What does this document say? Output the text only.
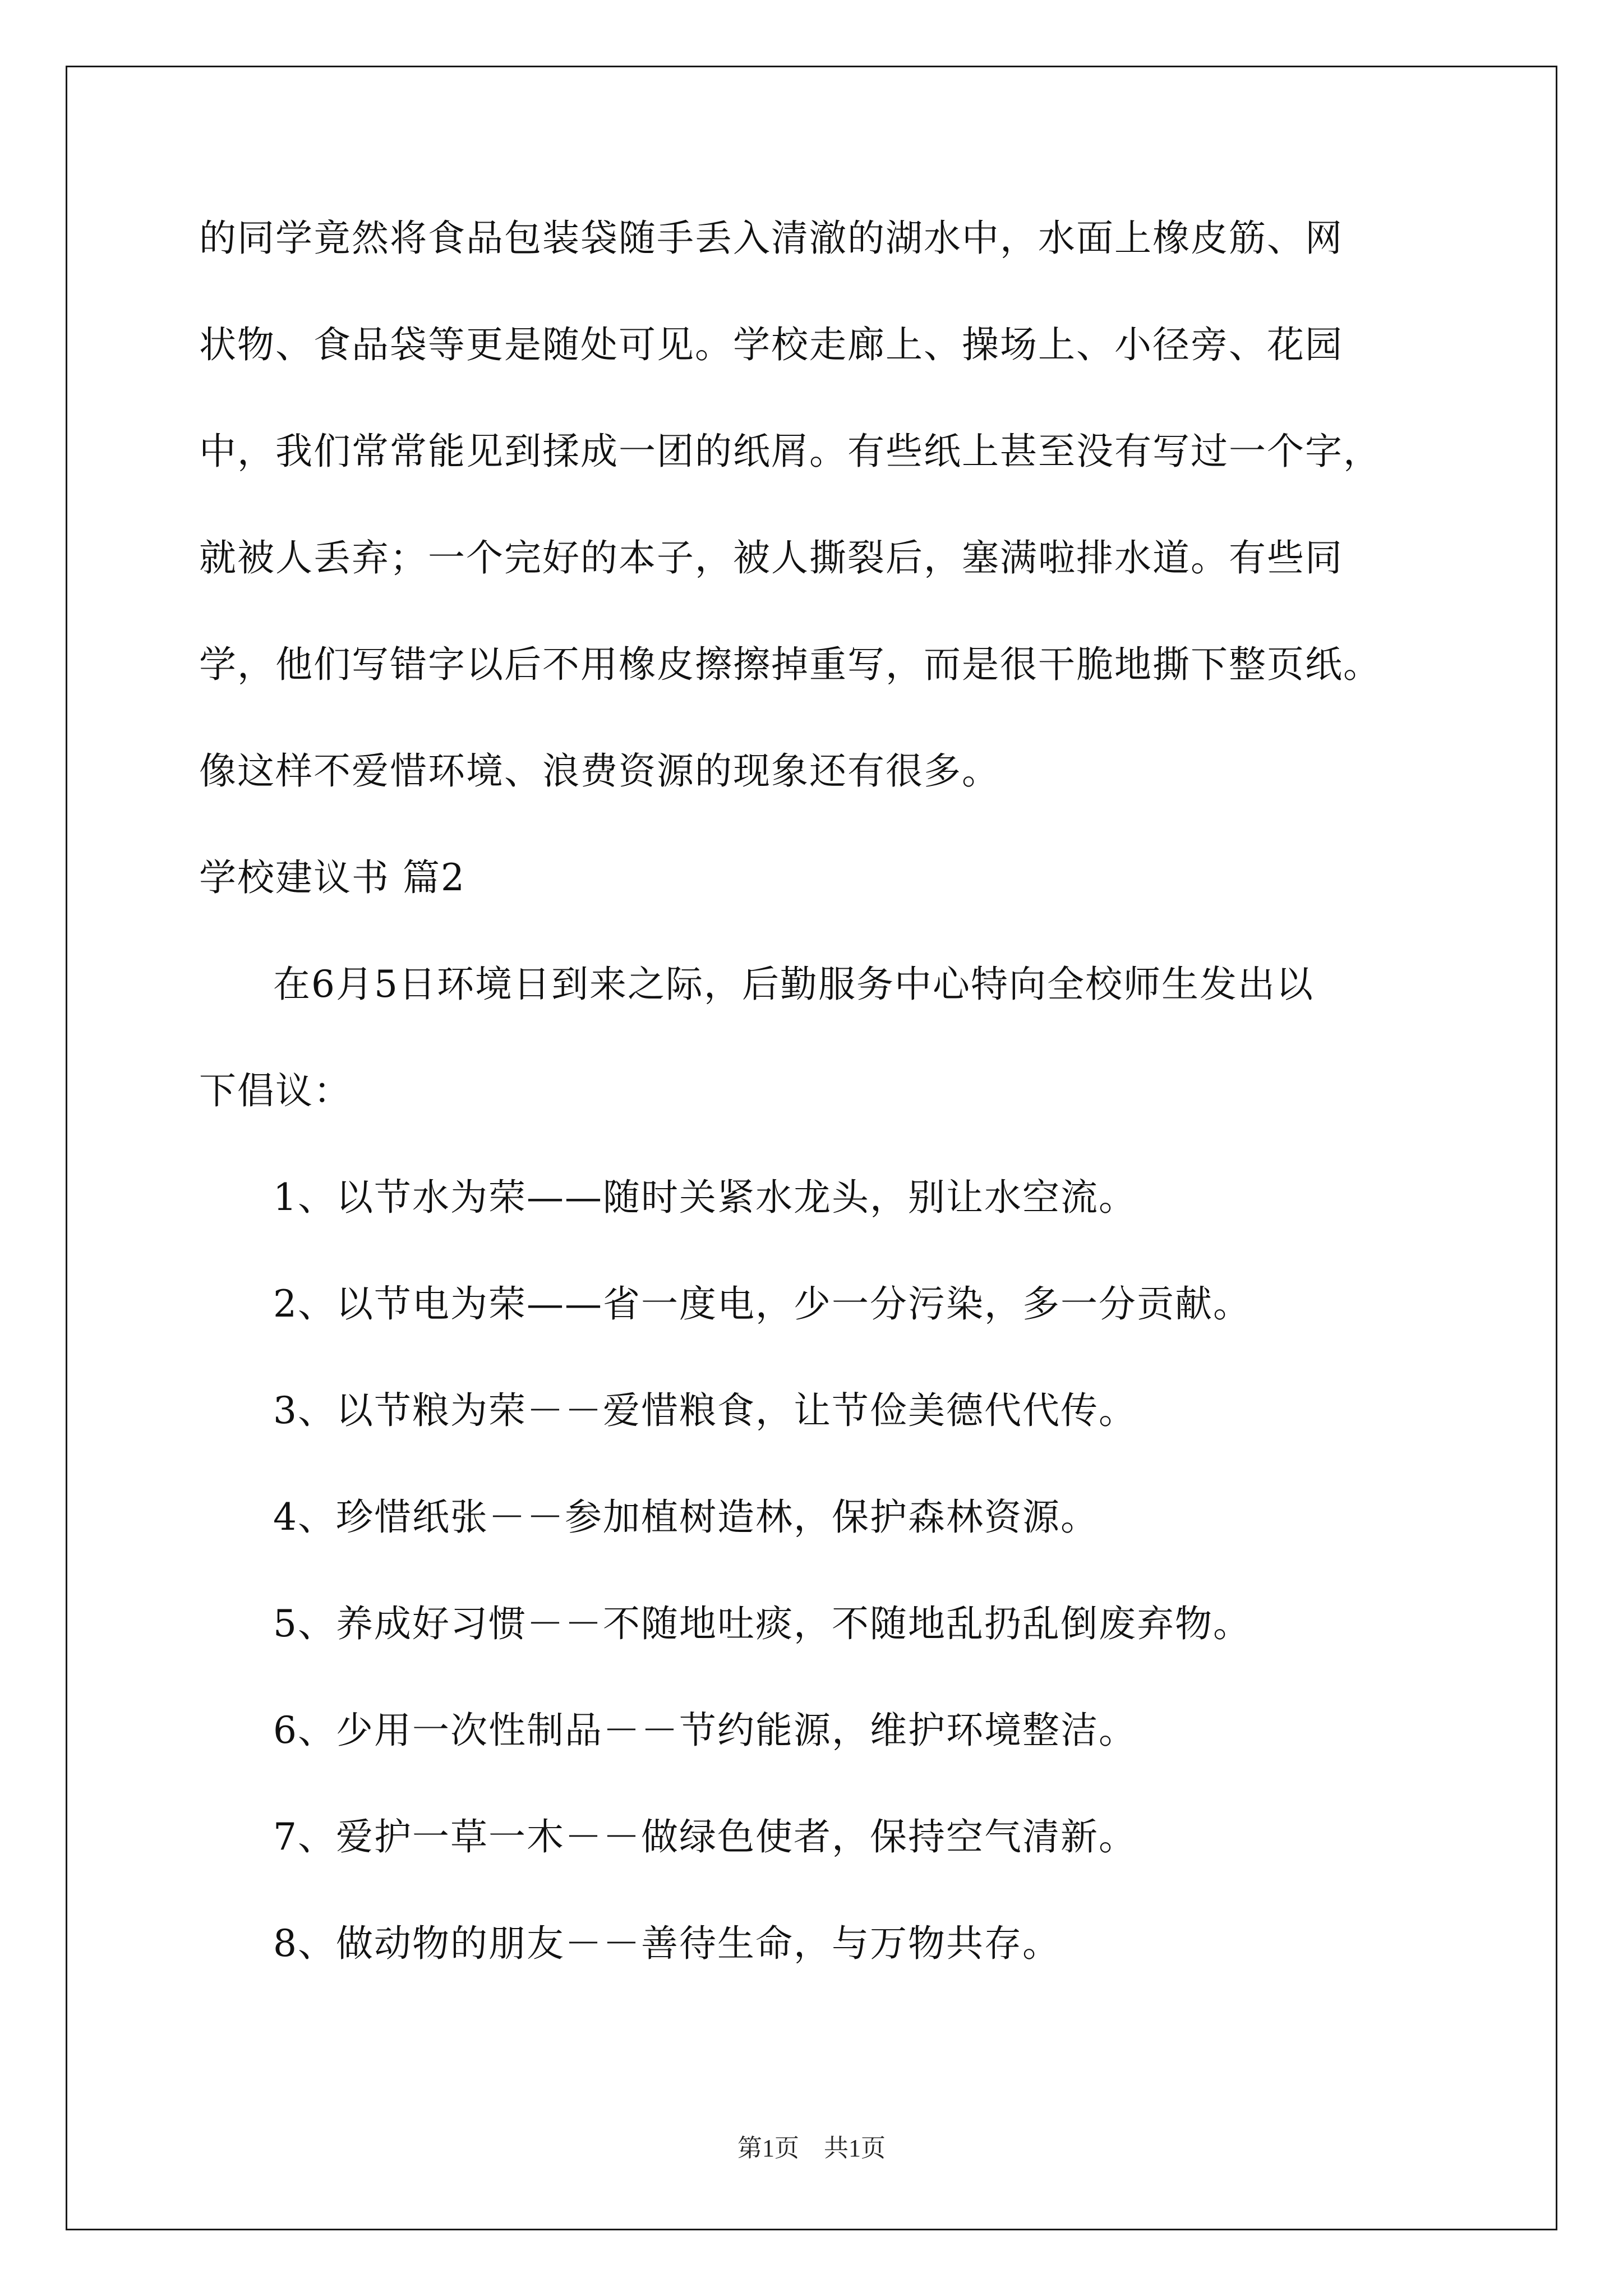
的同学竟然将食品包装袋随手丢入清澈的湖水中，水面上橡皮筋、网
状物、食品袋等更是随处可见。学校走廊上、操场上、小径旁、花园
中，我们常常能见到揉成一团的纸屑。有些纸上甚至没有写过一个字，
就被人丢弃；一个完好的本子，被人撕裂后，塞满啦排水道。有些同
学，他们写错字以后不用橡皮擦擦掉重写，而是很干脆地撕下整页纸。
像这样不爱惜环境、浪费资源的现象还有很多。
学校建议书 篇2
在6月5日环境日到来之际，后勤服务中心特向全校师生发出以
下倡议：
1、以节水为荣——随时关紧水龙头，别让水空流。
2、以节电为荣——省一度电，少一分污染，多一分贡献。
3、以节粮为荣－－爱惜粮食，让节俭美德代代传。
4、珍惜纸张－－参加植树造林，保护森林资源。
5、养成好习惯－－不随地吐痰，不随地乱扔乱倒废弃物。
6、少用一次性制品－－节约能源，维护环境整洁。
7、爱护一草一木－－做绿色使者，保持空气清新。
8、做动物的朋友－－善待生命，与万物共存。
第1页　共1页
